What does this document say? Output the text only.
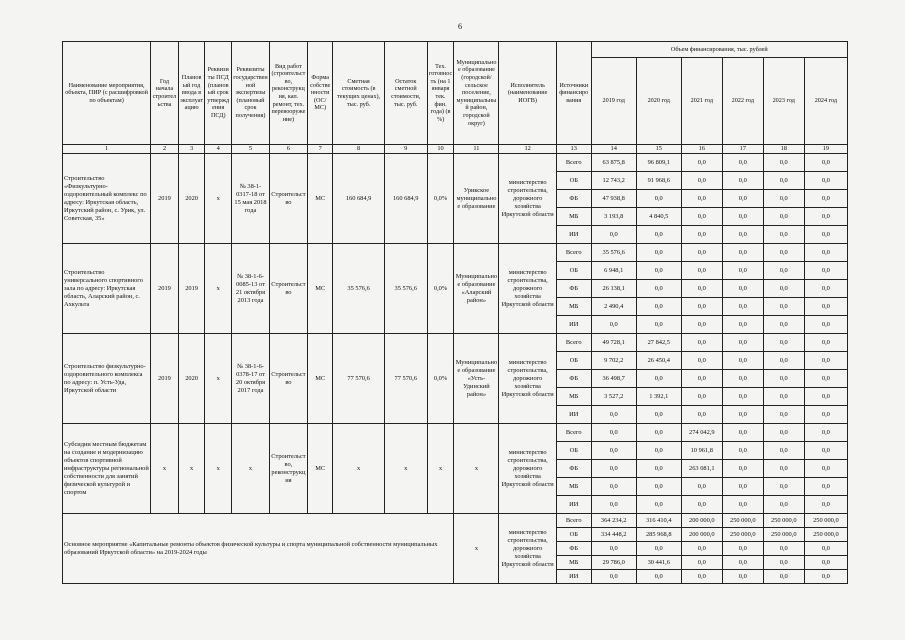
6
Наименование мероприятия, объекта, ПИР (с расшифровкой по объектам)	Год начала строительства	Плановый год ввода в эксплуатацию	Реквизиты ПСД (плановый срок утверждения ПСД)	Реквизиты государственной экспертизы (плановый срок получения)	Вид работ (строительство, реконструкция, кап. ремонт, тех. перевооружение)	Форма собственности (ОС/МС)	Сметная стоимость (в текущих ценах), тыс. руб.	Остаток сметной стоимости, тыс. руб.	Тех. готовность (на 1 января тек. фин. года) (в %)	Муниципальное образование (городской/сельское поселение, муниципальный район, городской округ)	Исполнитель (наименование ИОГВ)	Источники финансирования	Объем финансирования, тыс. рублей					
													2019 год	2020 год	2021 год	2022 год	2023 год	2024 год
1	2	3	4	5	6	7	8	9	10	11	12	13	14	15	16	17	18	19
Строительство «Физкультурно-оздоровительный комплекс по адресу: Иркутская область, Иркутский район, с. Урик, ул. Советская, 35»	2019	2020	х	№ 38-1-0317-18 от 15 мая 2018 года	Строительство	МС	160 684,9	160 684,9	0,0%	Урикское муниципальное образование	министерство строительства, дорожного хозяйства Иркутской области	Всего	63 875,8	96 809,1	0,0	0,0	0,0	0,0
												ОБ	12 743,2	91 968,6	0,0	0,0	0,0	0,0
												ФБ	47 938,8	0,0	0,0	0,0	0,0	0,0
												МБ	3 193,8	4 840,5	0,0	0,0	0,0	0,0
												ИИ	0,0	0,0	0,0	0,0	0,0	0,0
Строительство универсального спортивного зала по адресу: Иркутская область, Аларский район, с. Ахкульта	2019	2019	х	№ 38-1-6-0085-13 от 21 октября 2013 года	Строительство	МС	35 576,6	35 576,6	0,0%	Муниципальное образование «Аларский район»	министерство строительства, дорожного хозяйства Иркутской области	Всего	35 576,6	0,0	0,0	0,0	0,0	0,0
												ОБ	6 948,1	0,0	0,0	0,0	0,0	0,0
												ФБ	26 138,1	0,0	0,0	0,0	0,0	0,0
												МБ	2 490,4	0,0	0,0	0,0	0,0	0,0
												ИИ	0,0	0,0	0,0	0,0	0,0	0,0
Строительство физкультурно-оздоровительного комплекса по адресу: п. Усть-Уда, Иркутской области	2019	2020	х	№ 38-1-6-0378-17 от 20 октября 2017 года	Строительство	МС	77 570,6	77 570,6	0,0%	Муниципальное образование «Усть-Удинский район»	министерство строительства, дорожного хозяйства Иркутской области	Всего	49 728,1	27 842,5	0,0	0,0	0,0	0,0
												ОБ	9 702,2	26 450,4	0,0	0,0	0,0	0,0
												ФБ	36 498,7	0,0	0,0	0,0	0,0	0,0
												МБ	3 527,2	1 392,1	0,0	0,0	0,0	0,0
												ИИ	0,0	0,0	0,0	0,0	0,0	0,0
Субсидии местным бюджетам на создание и модернизацию объектов спортивной инфраструктуры региональной собственности для занятий физической культурой и спортом	х	х	х	х	Строительство, реконструкция	МС	х	х	х	х	министерство строительства, дорожного хозяйства Иркутской области	Всего	0,0	0,0	274 042,9	0,0	0,0	0,0
												ОБ	0,0	0,0	10 961,8	0,0	0,0	0,0
												ФБ	0,0	0,0	263 081,1	0,0	0,0	0,0
												МБ	0,0	0,0	0,0	0,0	0,0	0,0
												ИИ	0,0	0,0	0,0	0,0	0,0	0,0
Основное мероприятие «Капитальные ремонты объектов физической культуры и спорта муниципальной собственности муниципальных образований Иркутской области» на 2019-2024 годы										х	министерство строительства, дорожного хозяйства Иркутской области	Всего	364 234,2	316 410,4	200 000,0	250 000,0	250 000,0	250 000,0
												ОБ	334 448,2	285 968,8	200 000,0	250 000,0	250 000,0	250 000,0
												ФБ	0,0	0,0	0,0	0,0	0,0	0,0
												МБ	29 786,0	30 441,6	0,0	0,0	0,0	0,0
												ИИ	0,0	0,0	0,0	0,0	0,0	0,0
